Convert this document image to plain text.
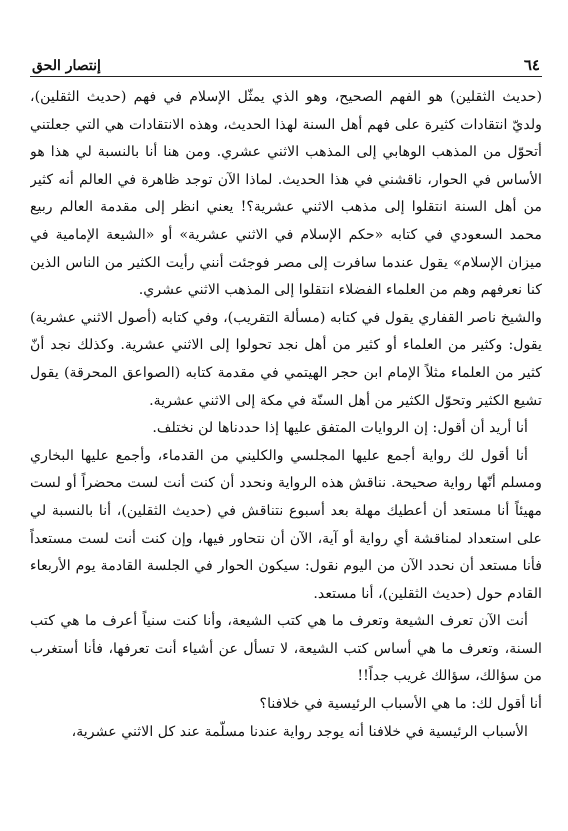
٦٤
إنتصار الحق

(حديث الثقلين) هو الفهم الصحيح، وهو الذي يمثّل الإسلام في فهم (حديث الثقلين)، ولديّ انتقادات كثيرة على فهم أهل السنة لهذا الحديث، وهذه الانتقادات هي التي جعلتني أتحوّل من المذهب الوهابي إلى المذهب الاثني عشري. ومن هنا أنا بالنسبة لي هذا هو الأساس في الحوار، ناقشني في هذا الحديث. لماذا الآن توجد ظاهرة في العالم أنه كثير من أهل السنة انتقلوا إلى مذهب الاثني عشرية؟! يعني انظر إلى مقدمة العالم ربيع محمد السعودي في كتابه «حكم الإسلام في الاثني عشرية» أو «الشيعة الإمامية في ميزان الإسلام» يقول عندما سافرت إلى مصر فوجئت أنني رأيت الكثير من الناس الذين كنا نعرفهم وهم من العلماء الفضلاء انتقلوا إلى المذهب الاثني عشري.

والشيخ ناصر القفاري يقول في كتابه (مسألة التقريب)، وفي كتابه (أصول الاثني عشرية) يقول: وكثير من العلماء أو كثير من أهل نجد تحولوا إلى الاثني عشرية. وكذلك نجد أنّ كثير من العلماء مثلاً الإمام ابن حجر الهيتمي في مقدمة كتابه (الصواعق المحرقة) يقول تشيع الكثير وتحوّل الكثير من أهل السنّة في مكة إلى الاثني عشرية.

أنا أريد أن أقول: إن الروايات المتفق عليها إذا حددناها لن نختلف.

أنا أقول لك رواية أجمع عليها المجلسي والكليني من القدماء، وأجمع عليها البخاري ومسلم أنّها رواية صحيحة. نناقش هذه الرواية ونحدد أن كنت أنت لست محضراً أو لست مهيئاً أنا مستعد أن أعطيك مهلة بعد أسبوع نتناقش في (حديث الثقلين)، أنا بالنسبة لي على استعداد لمناقشة أي رواية أو آية، الآن أن نتحاور فيها، وإن كنت أنت لست مستعداً فأنا مستعد أن نحدد الآن من اليوم نقول: سيكون الحوار في الجلسة القادمة يوم الأربعاء القادم حول (حديث الثقلين)، أنا مستعد.

أنت الآن تعرف الشيعة وتعرف ما هي كتب الشيعة، وأنا كنت سنياً أعرف ما هي كتب السنة، وتعرف ما هي أساس كتب الشيعة، لا تسأل عن أشياء أنت تعرفها، فأنا أستغرب من سؤالك، سؤالك غريب جداً!!

أنا أقول لك: ما هي الأسباب الرئيسية في خلافنا؟

الأسباب الرئيسية في خلافنا أنه يوجد رواية عندنا مسلّمة عند كل الاثني عشرية،
